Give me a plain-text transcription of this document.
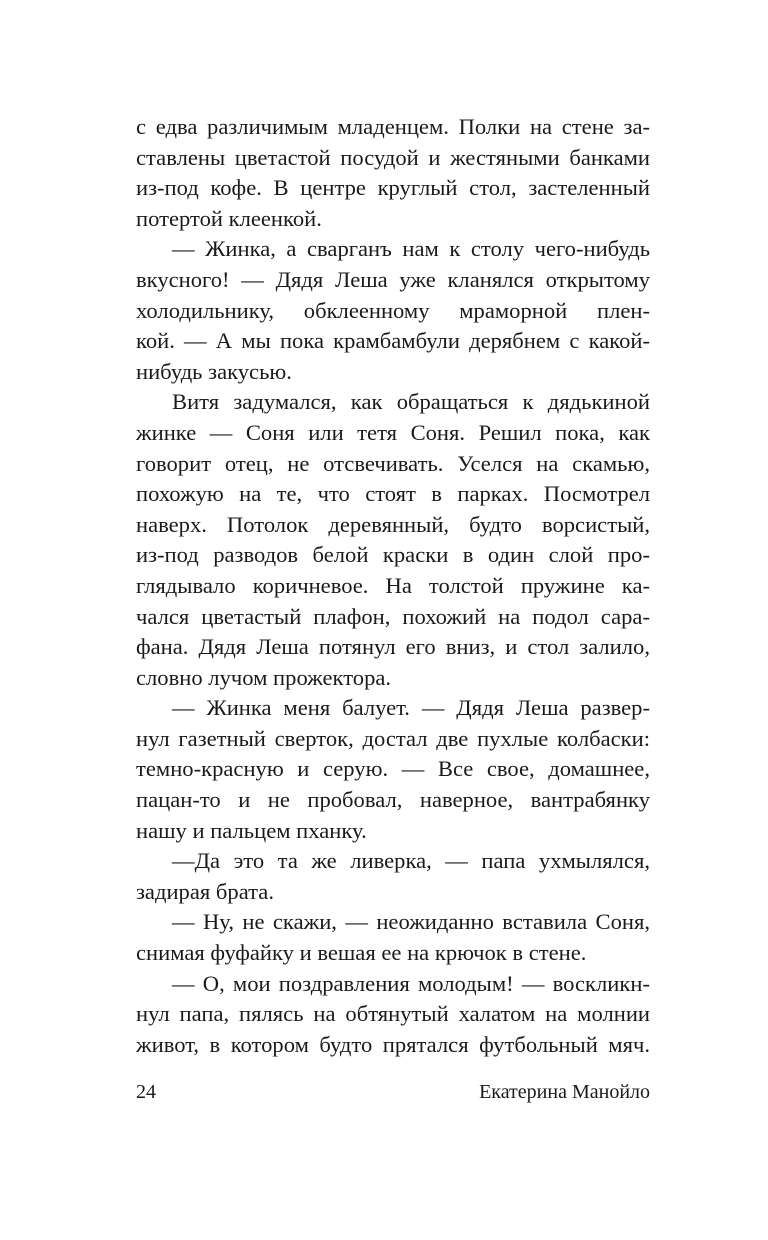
с едва различимым младенцем. Полки на стене за-
ставлены цветастой посудой и жестяными банками
из-под кофе. В центре круглый стол, застеленный
потертой клеенкой.
— Жинка, а сварганъ нам к столу чего-нибудь
вкусного! — Дядя Леша уже кланялся открытому
холодильнику, обклеенному мраморной плен-
кой. — А мы пока крамбамбули дерябнем с какой-
нибудь закусью.
Витя задумался, как обращаться к дядькиной
жинке — Соня или тетя Соня. Решил пока, как
говорит отец, не отсвечивать. Уселся на скамью,
похожую на те, что стоят в парках. Посмотрел
наверх. Потолок деревянный, будто ворсистый,
из-под разводов белой краски в один слой про-
глядывало коричневое. На толстой пружине ка-
чался цветастый плафон, похожий на подол сара-
фана. Дядя Леша потянул его вниз, и стол залило,
словно лучом прожектора.
— Жинка меня балует. — Дядя Леша развер-
нул газетный сверток, достал две пухлые колбаски:
темно-красную и серую. — Все свое, домашнее,
пацан-то и не пробовал, наверное, вантрабянку
нашу и пальцем пханку.
—Да это та же ливерка, — папа ухмылялся,
задирая брата.
— Ну, не скажи, — неожиданно вставила Соня,
снимая фуфайку и вешая ее на крючок в стене.
— О, мои поздравления молодым! — воскликн-
нул папа, пялясь на обтянутый халатом на молнии
живот, в котором будто прятался футбольный мяч.
24	Екатерина Манойло
